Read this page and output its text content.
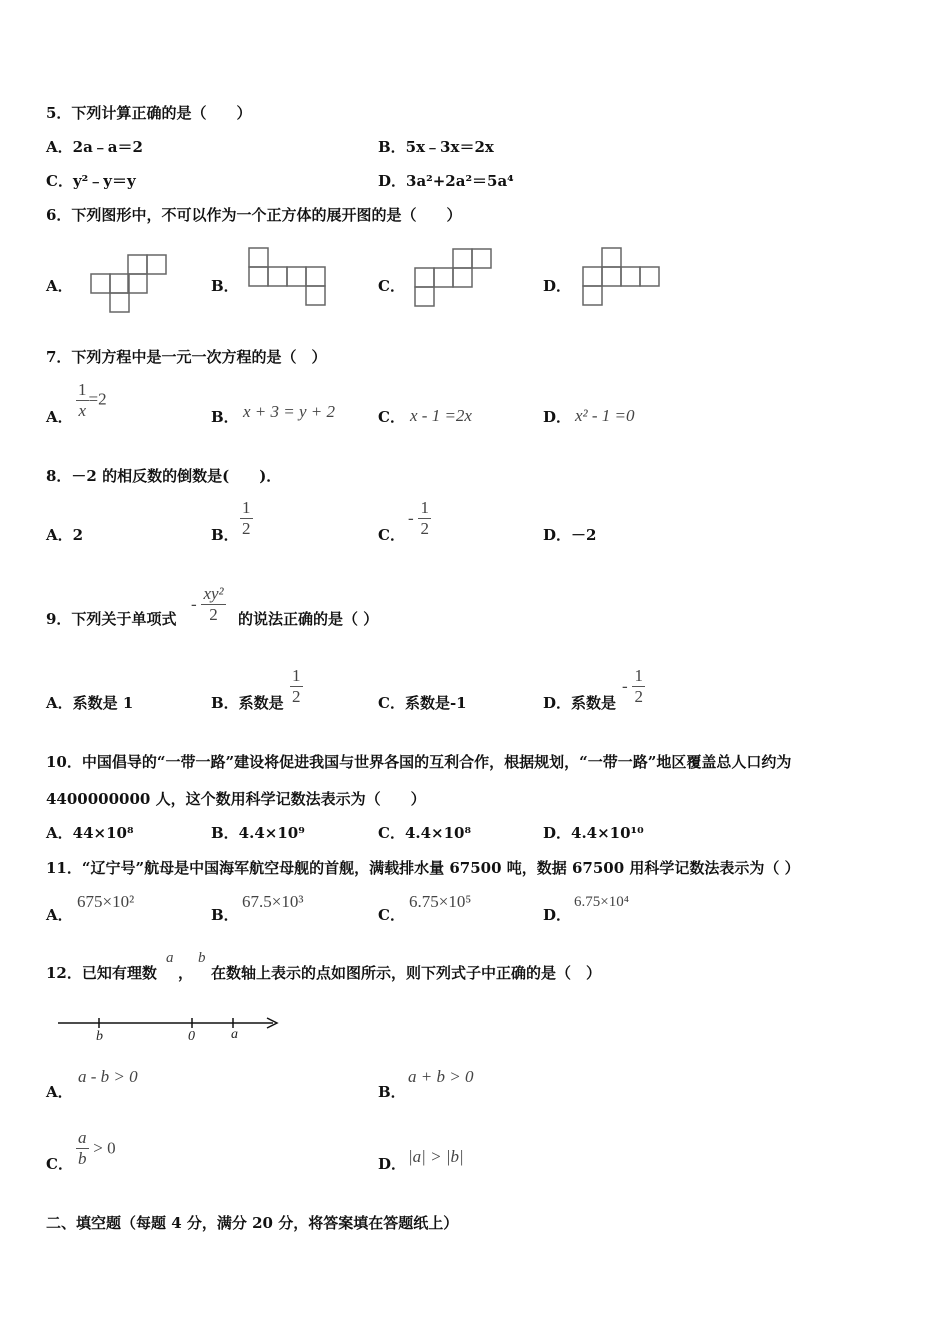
5．下列计算正确的是（　　）
A．2a﹣a＝2	B．5x﹣3x＝2x
C．y²﹣y＝y	D．3a²+2a²＝5a⁴
6．下列图形中，不可以作为一个正方体的展开图的是（　　）
A．	B．	C．	D．
7．下列方程中是一元一次方程的是（　）
A． $\frac{1}{x} =2$
B． x + 3 = y + 2	C． x - 1 =2x	D． x² - 1 =0
8．－2 的相反数的倒数是(　　)．
A．2	B． $\frac{1}{2}$	C．
- $\frac{1}{2}$	D．－2
9．下列关于单项式
- $\frac{\text{xy²}}{2}$ 的说法正确的是（ ）
A．系数是 1	B．系数是 $\frac{1}{2}$	C．系数是-1	D．系数是
- $\frac{1}{2}$
10．中国倡导的“一带一路”建设将促进我国与世界各国的互利合作，根据规划，“一带一路”地区覆盖总人口约为
4400000000 人，这个数用科学记数法表示为（　　）
A．44×10⁸	B．4.4×10⁹	C．4.4×10⁸	D．4.4×10¹⁰
11．“辽宁号”航母是中国海军航空母舰的首舰，满载排水量 67500 吨，数据 67500 用科学记数法表示为（ ）
A．
675×10²
B．
67.5×10³
C．
6.75×10⁵
D．
6.75×10⁴
12．已知有理数
a
，
b
在数轴上表示的点如图所示，则下列式子中正确的是（　）
b	0	a
A．
a - b > 0
B．
a + b > 0
C． $\frac{a}{b} > 0$
D． |a| > |b|
二、填空题（每题 4 分，满分 20 分，将答案填在答题纸上）
